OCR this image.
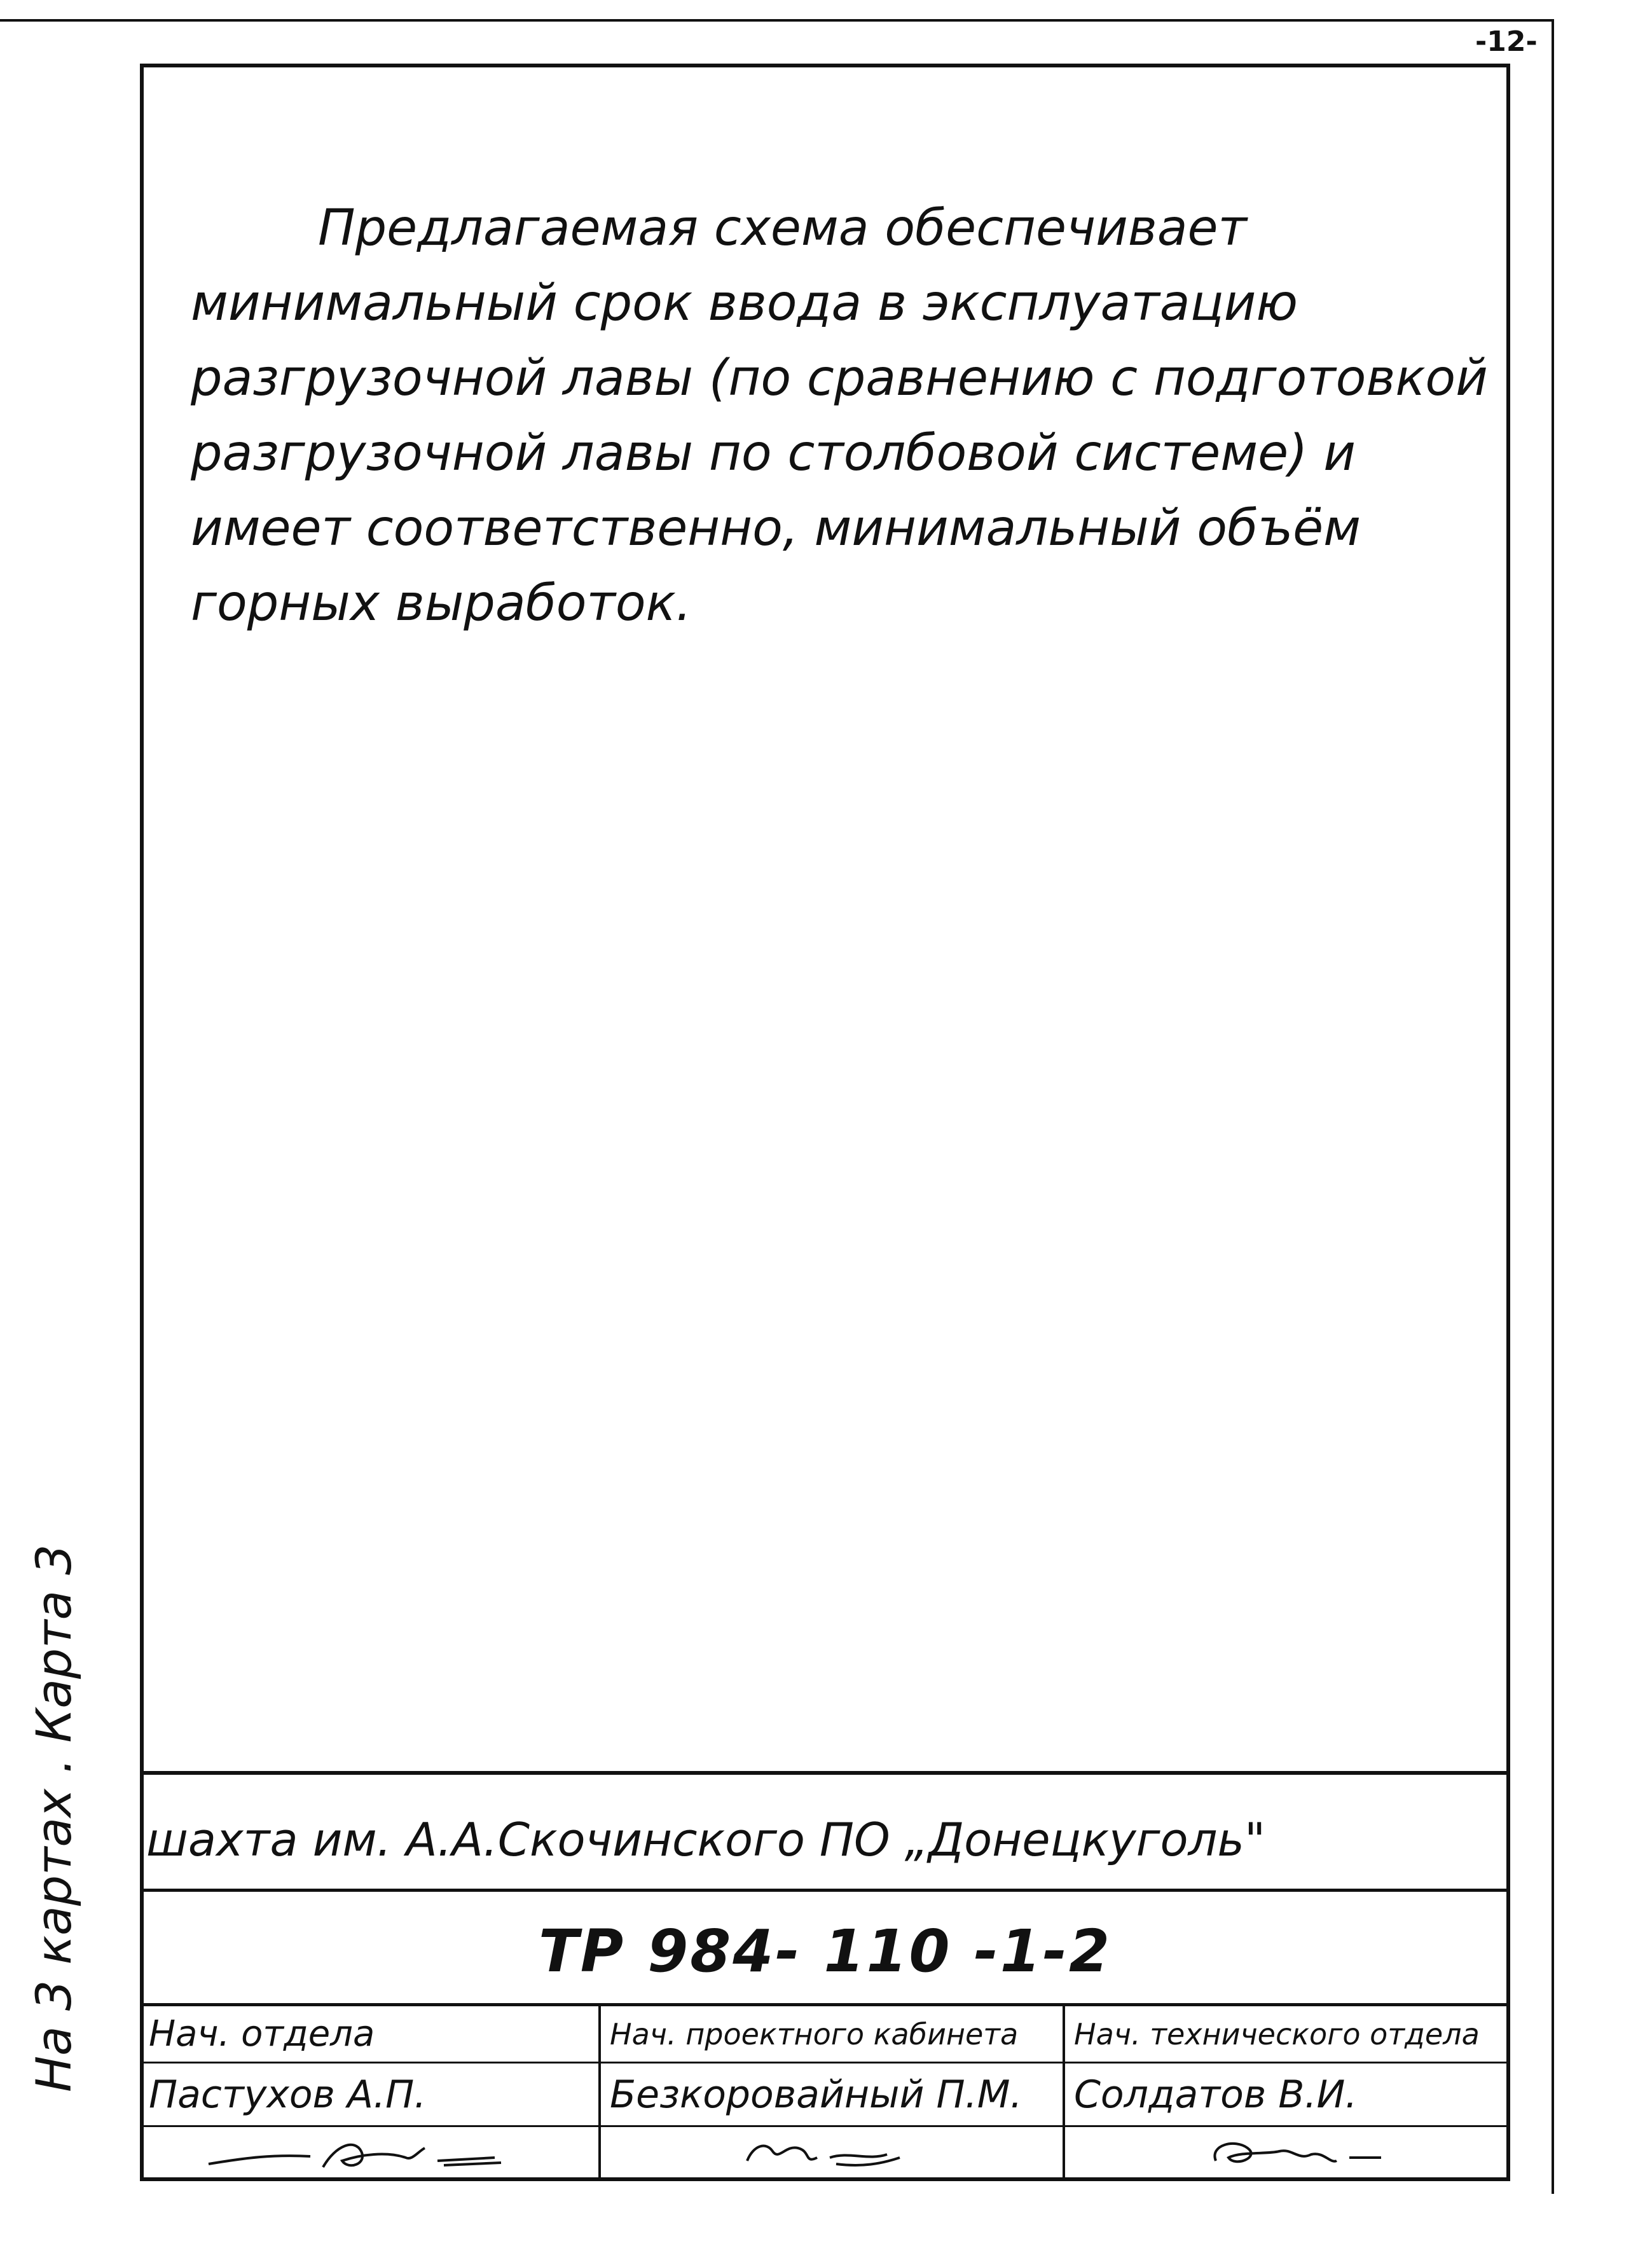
-12-
На 3 картах . Карта 3
Предлагаемая схема обеспечивает
минимальный срок ввода в эксплуатацию
разгрузочной лавы (по сравнению с подготовкой
разгрузочной лавы по столбовой системе) и
имеет соответственно, минимальный объём
горных выработок.
шахта им. А.А.Скочинского ПО „Донецкуголь"
ТР 984- 110 -1-2
Нач. отдела	Нач. проектного кабинета	Нач. технического отдела
Пастухов А.П.	Безкоровайный П.М.	Солдатов В.И.
